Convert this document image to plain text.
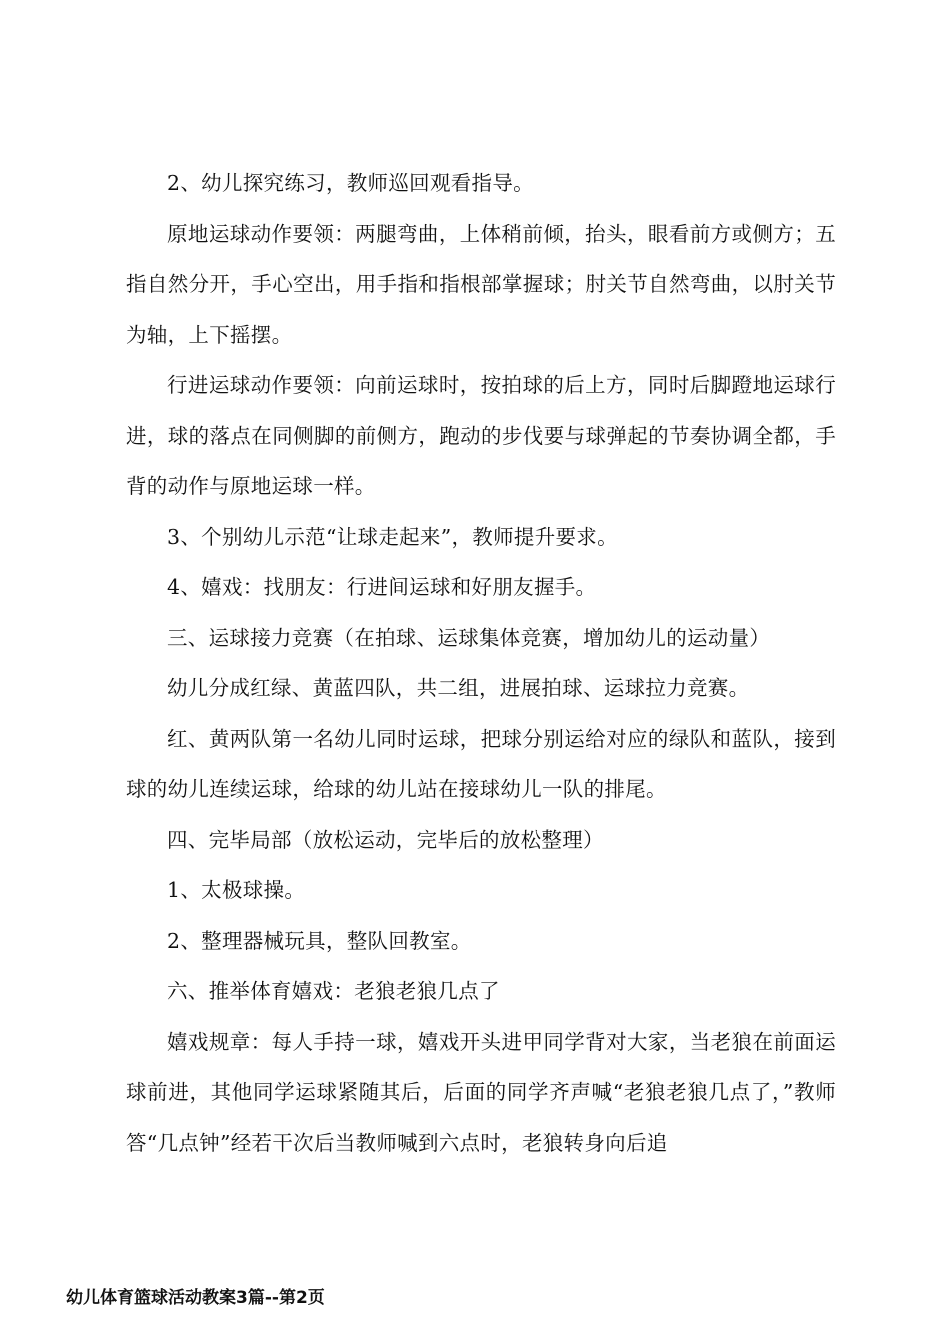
2、幼儿探究练习，教师巡回观看指导。

原地运球动作要领：两腿弯曲，上体稍前倾，抬头，眼看前方或侧方；五指自然分开，手心空出，用手指和指根部掌握球；肘关节自然弯曲，以肘关节为轴，上下摇摆。

行进运球动作要领：向前运球时，按拍球的后上方，同时后脚蹬地运球行进，球的落点在同侧脚的前侧方，跑动的步伐要与球弹起的节奏协调全都，手背的动作与原地运球一样。

3、个别幼儿示范“让球走起来”，教师提升要求。

4、嬉戏：找朋友：行进间运球和好朋友握手。

三、运球接力竞赛（在拍球、运球集体竞赛，增加幼儿的运动量）

幼儿分成红绿、黄蓝四队，共二组，进展拍球、运球拉力竞赛。

红、黄两队第一名幼儿同时运球，把球分别运给对应的绿队和蓝队，接到球的幼儿连续运球，给球的幼儿站在接球幼儿一队的排尾。

四、完毕局部（放松运动，完毕后的放松整理）

1、太极球操。

2、整理器械玩具，整队回教室。

六、推举体育嬉戏：老狼老狼几点了

嬉戏规章：每人手持一球，嬉戏开头进甲同学背对大家，当老狼在前面运球前进，其他同学运球紧随其后，后面的同学齐声喊“老狼老狼几点了，”教师答“几点钟”经若干次后当教师喊到六点时，老狼转身向后追

幼儿体育篮球活动教案3篇--第2页
